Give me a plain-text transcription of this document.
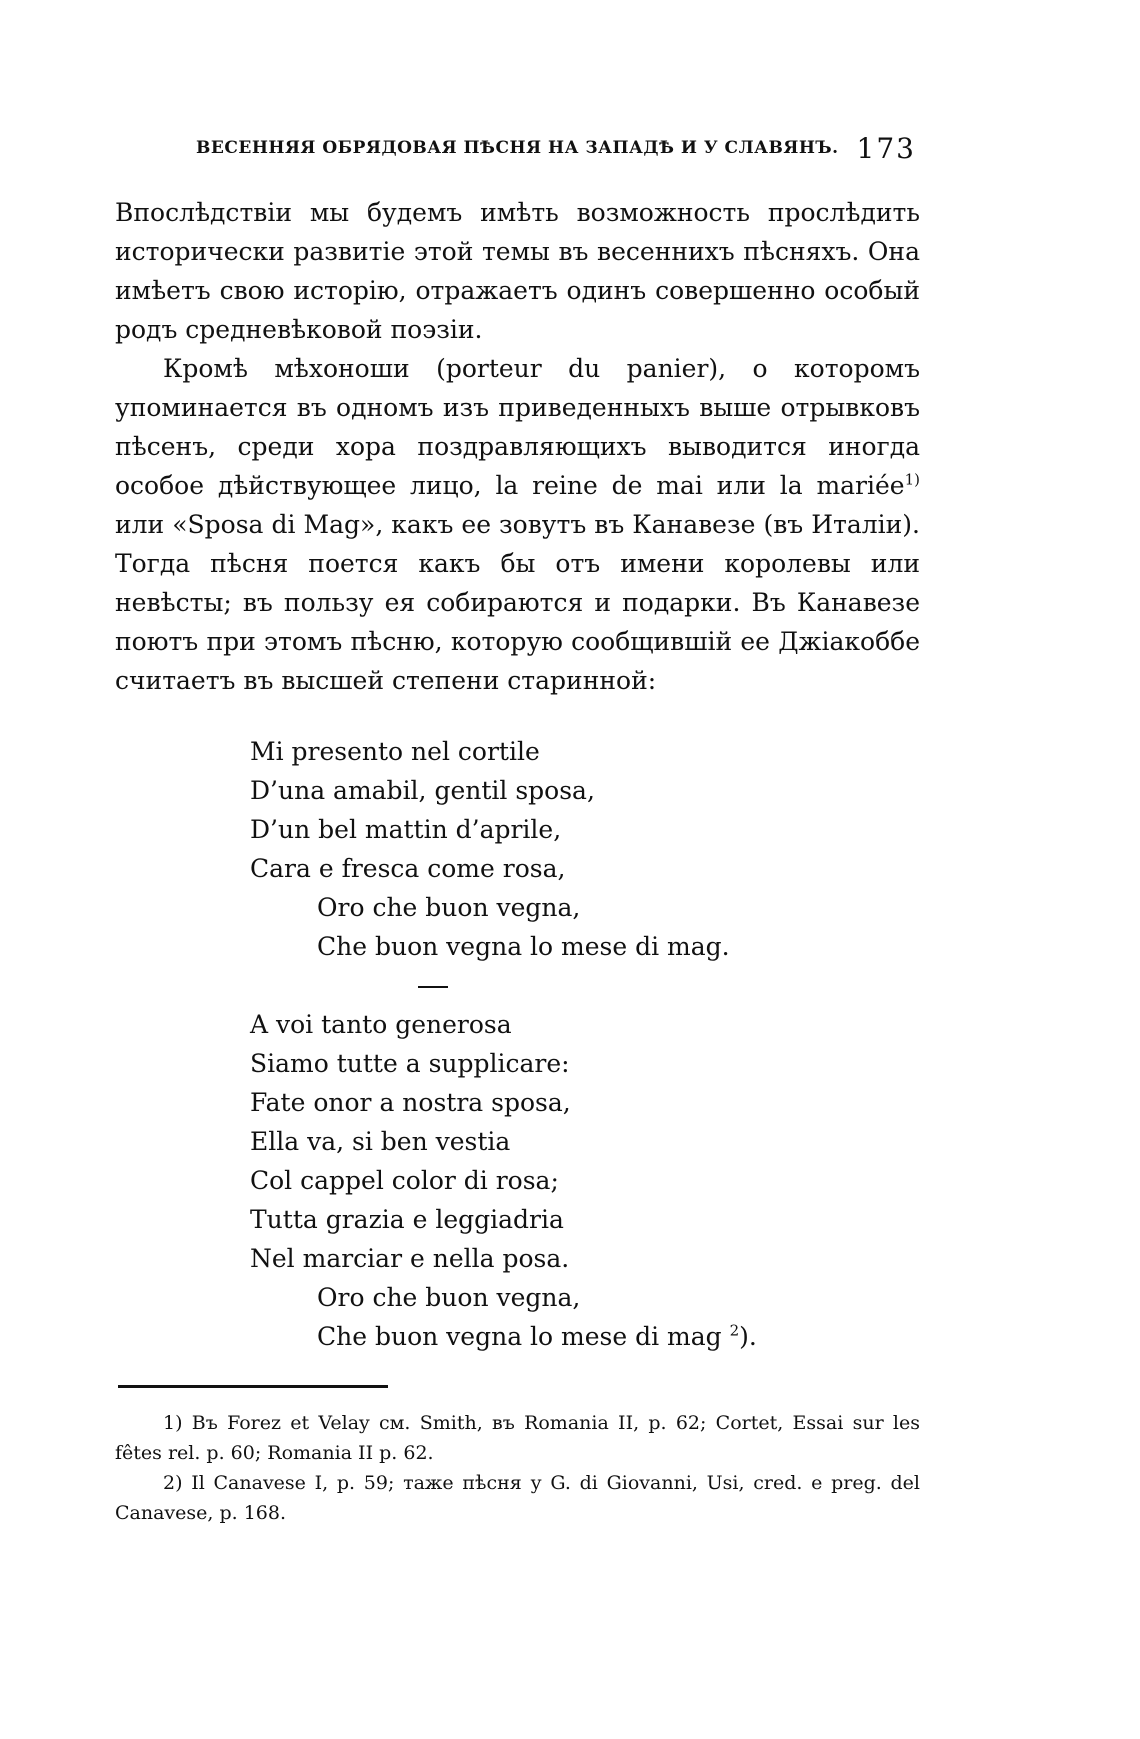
ВЕСЕННЯЯ ОБРЯДОВАЯ ПѢСНЯ НА ЗАПАДѢ И У СЛАВЯНЪ. 173

Впослѣдствіи мы будемъ имѣть возможность прослѣдить исторически развитіе этой темы въ весеннихъ пѣсняхъ. Она имѣетъ свою исторію, отражаетъ одинъ совершенно особый родъ средневѣковой поэзіи.

Кромѣ мѣхоноши (porteur du panier), о которомъ упоминается въ одномъ изъ приведенныхъ выше отрывковъ пѣсенъ, среди хора поздравляющихъ выводится иногда особое дѣйствующее лицо, la reine de mai или la mariée$^{1)}$ или «Sposa di Mag», какъ ее зовутъ въ Канавезе (въ Италіи). Тогда пѣсня поется какъ бы отъ имени королевы или невѣсты; въ пользу ея собираются и подарки. Въ Канавезе поютъ при этомъ пѣсню, которую сообщившій ее Джіакоббе считаетъ въ высшей степени старинной:

Mi presento nel cortile
D’una amabil, gentil sposa,
D’un bel mattin d’aprile,
Cara e fresca come rosa,
Oro che buon vegna,
Che buon vegna lo mese di mag.
A voi tanto generosa
Siamo tutte a supplicare:
Fate onor a nostra sposa,
Ella va, si ben vestia
Col cappel color di rosa;
Tutta grazia e leggiadria
Nel marciar e nella posa.
Oro che buon vegna,
Che buon vegna lo mese di mag $^2$).

1) Въ Forez et Velay см. Smith, въ Romania II, p. 62; Cortet, Essai sur les fêtes rel. p. 60; Romania II p. 62.

2) Il Canavese I, p. 59; таже пѣсня у G. di Giovanni, Usi, cred. e preg. del Canavese, p. 168.
